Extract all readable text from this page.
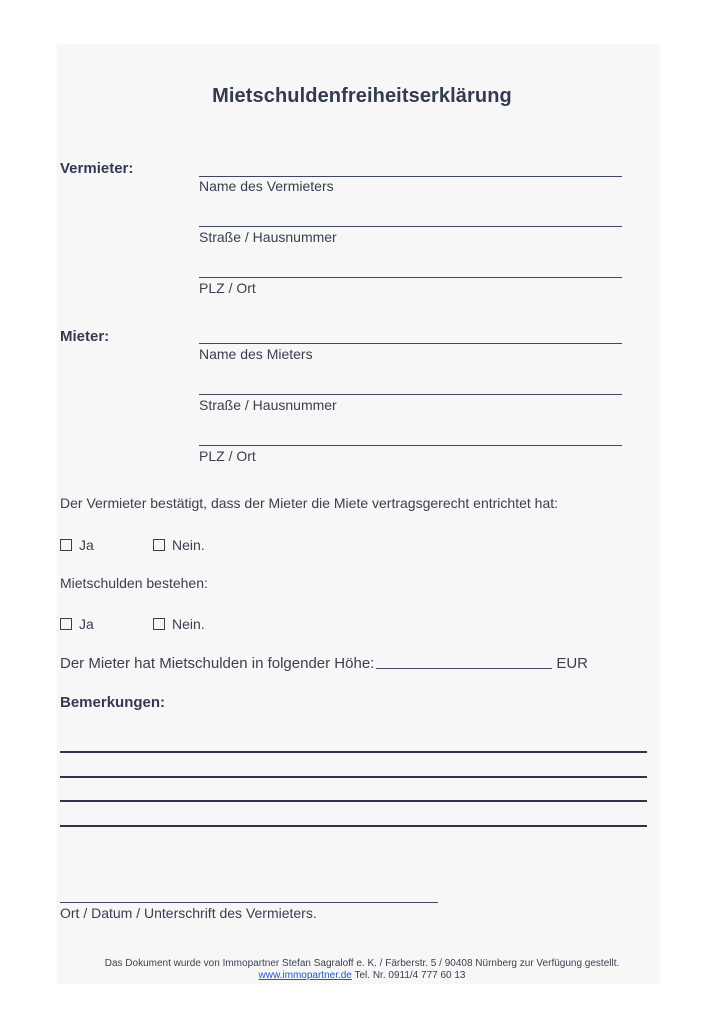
Mietschuldenfreiheitserklärung
Vermieter:
Name des Vermieters
Straße / Hausnummer
PLZ / Ort
Mieter:
Name des Mieters
Straße / Hausnummer
PLZ / Ort
Der Vermieter bestätigt, dass der Mieter die Miete vertragsgerecht entrichtet hat:
Ja	Nein.
Mietschulden bestehen:
Ja	Nein.
Der Mieter hat Mietschulden in folgender Höhe:	EUR
Bemerkungen:
Ort / Datum / Unterschrift des Vermieters.
Das Dokument wurde von Immopartner Stefan Sagraloff e. K. / Färberstr. 5 / 90408 Nürnberg zur Verfügung gestellt.
www.immopartner.de Tel. Nr. 0911/4 777 60 13
